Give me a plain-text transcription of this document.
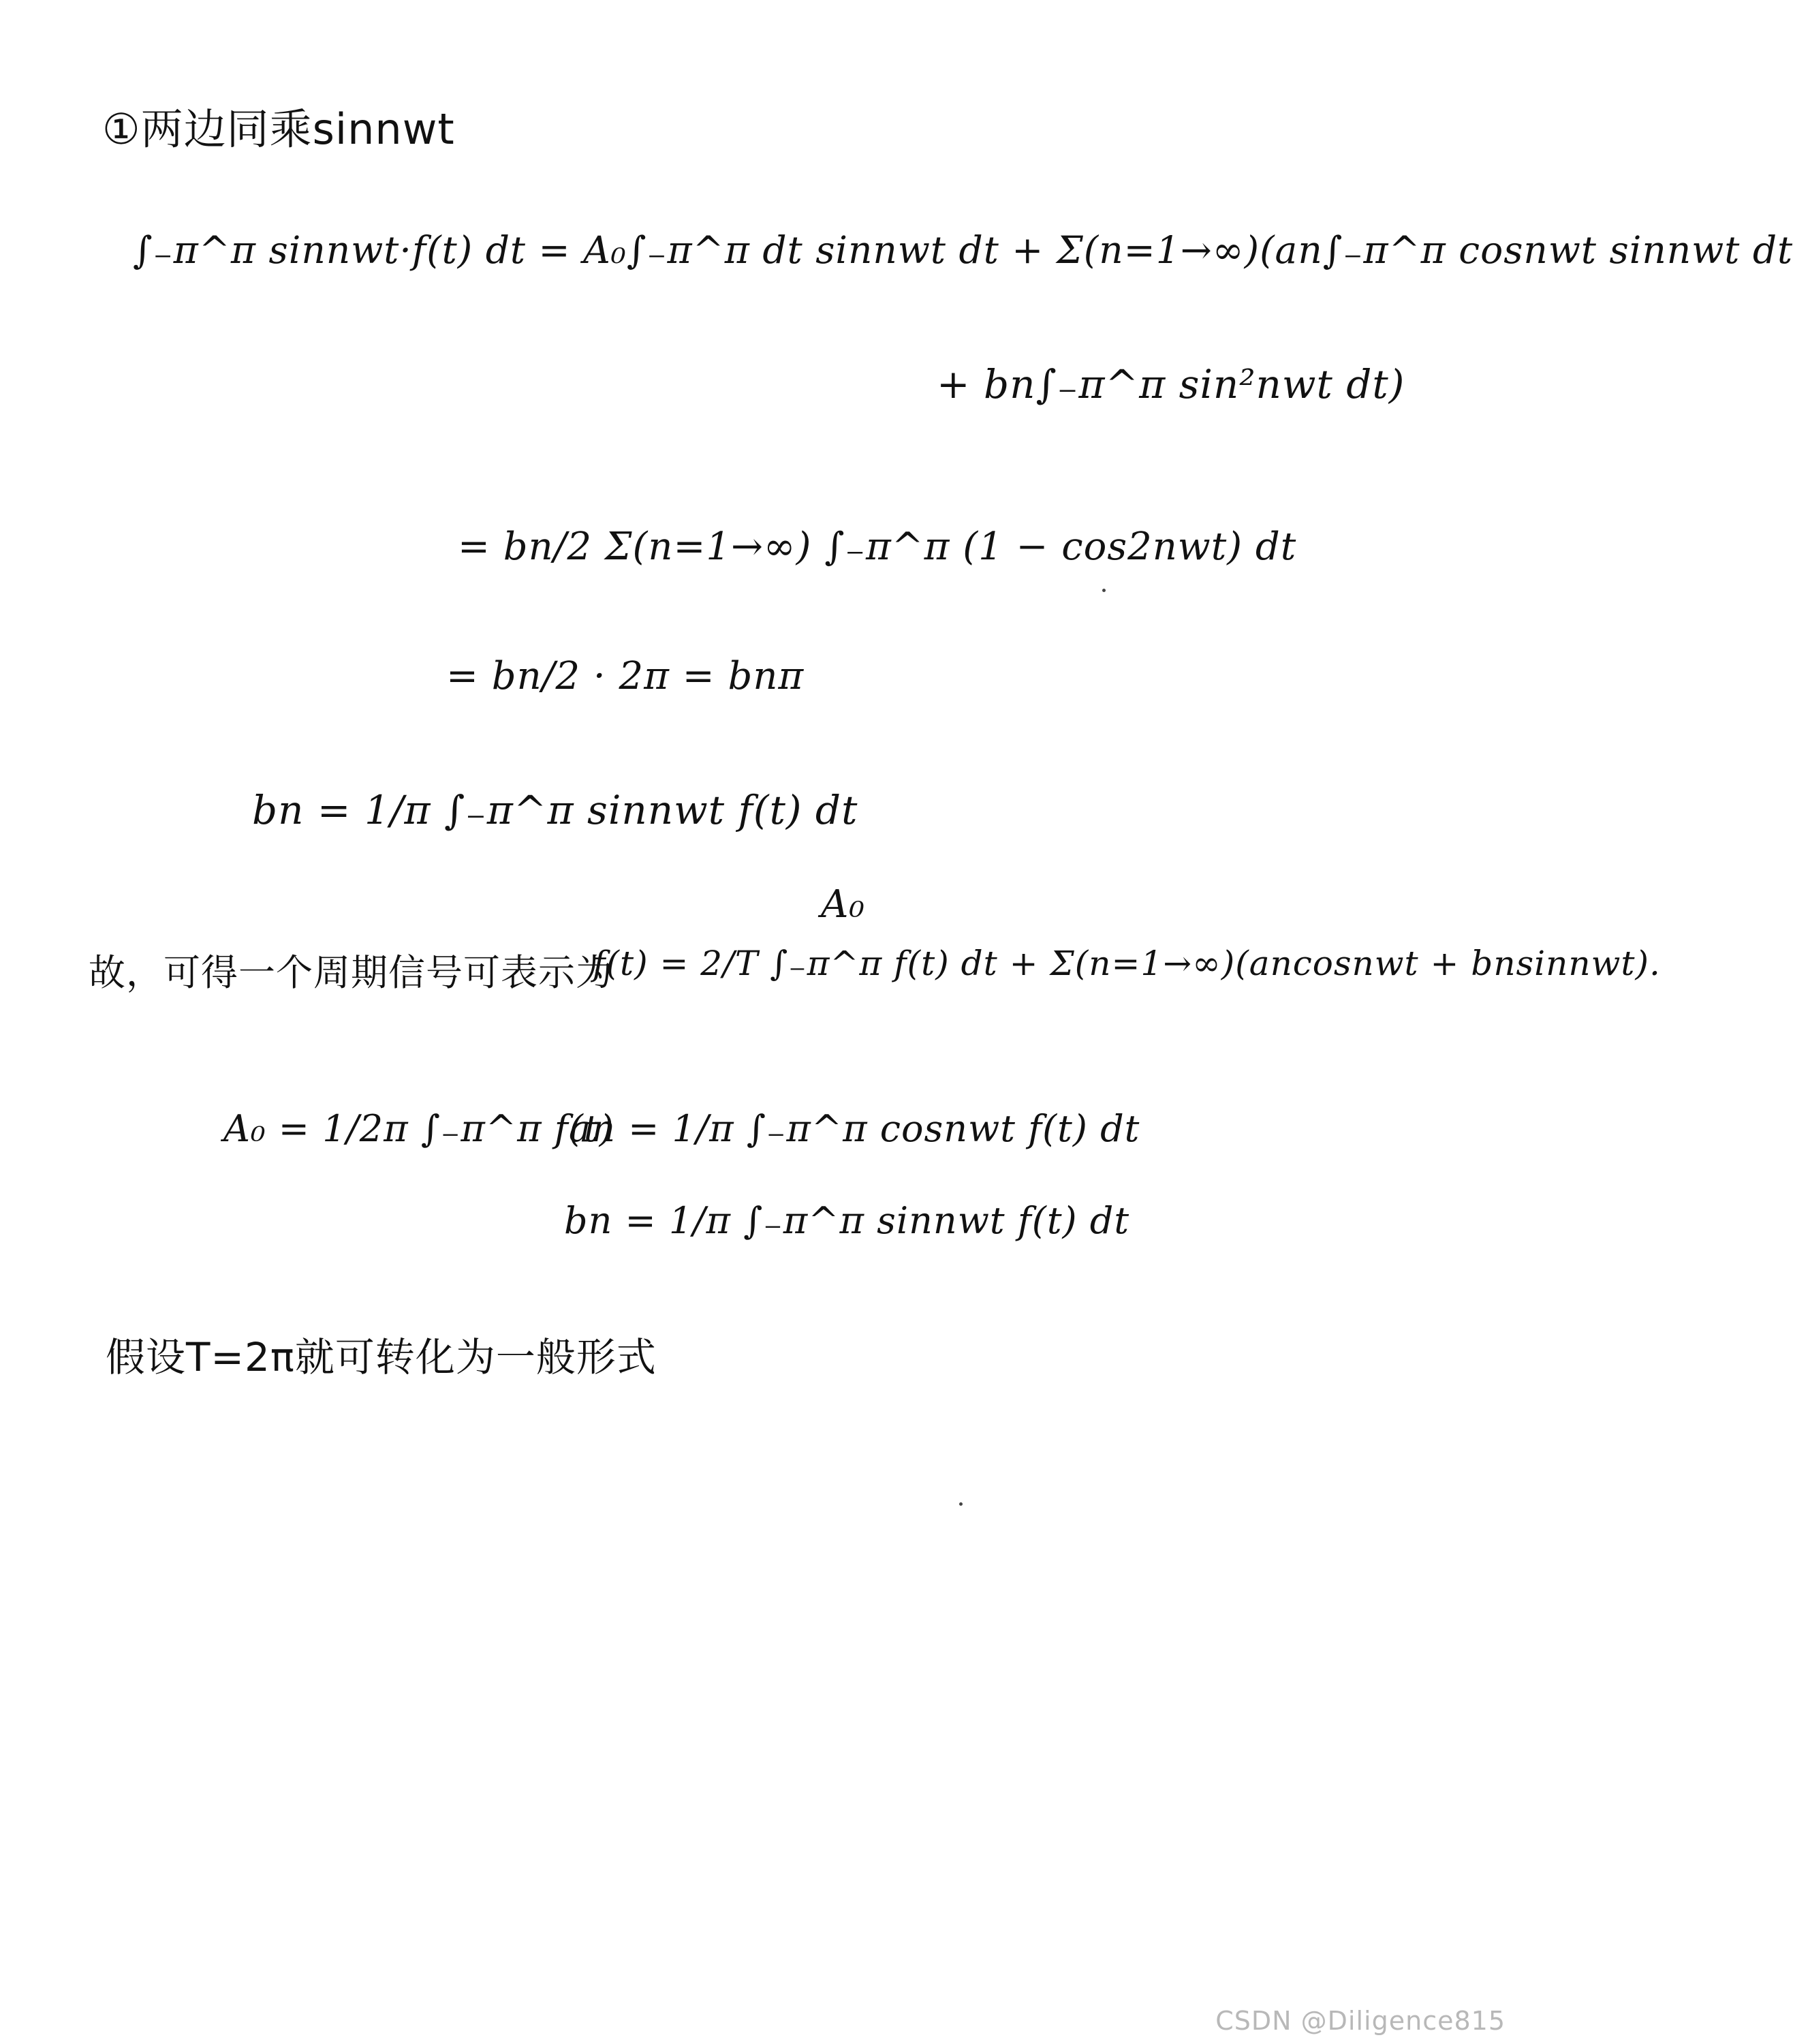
①两边同乘sinnwt
∫₋π^π sinnwt·f(t) dt = A₀∫₋π^π dt sinnwt dt + Σ(n=1→∞)(an∫₋π^π cosnwt sinnwt dt
+ bn∫₋π^π sin²nwt dt)
= bn/2 Σ(n=1→∞) ∫₋π^π (1 − cos2nwt) dt
= bn/2 · 2π = bnπ
bn = 1/π ∫₋π^π sinnwt f(t) dt
A₀
故，可得一个周期信号可表示为
f(t) = 2/T ∫₋π^π f(t) dt + Σ(n=1→∞)(ancosnwt + bnsinnwt).
A₀ = 1/2π ∫₋π^π f(t)
an = 1/π ∫₋π^π cosnwt f(t) dt
bn = 1/π ∫₋π^π sinnwt f(t) dt
假设T=2π就可转化为一般形式
CSDN @Diligence815
